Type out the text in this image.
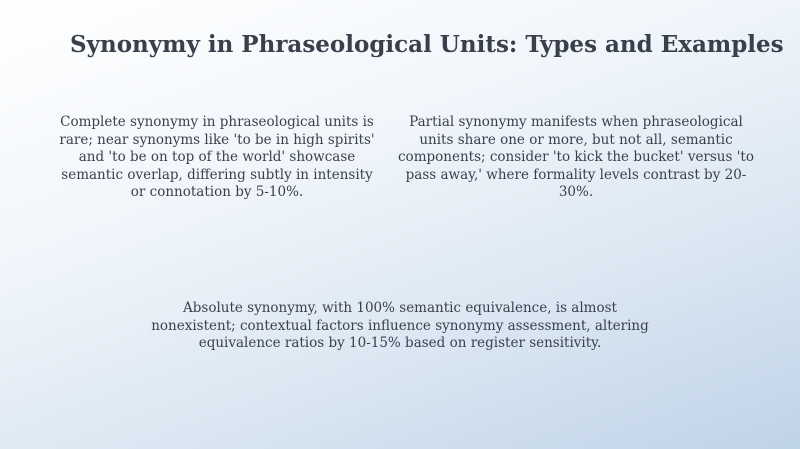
Synonymy in Phraseological Units: Types and Examples

Complete synonymy in phraseological units is rare; near synonyms like 'to be in high spirits' and 'to be on top of the world' showcase semantic overlap, differing subtly in intensity or connotation by 5-10%.

Partial synonymy manifests when phraseological units share one or more, but not all, semantic components; consider 'to kick the bucket' versus 'to pass away,' where formality levels contrast by 20-30%.

Absolute synonymy, with 100% semantic equivalence, is almost nonexistent; contextual factors influence synonymy assessment, altering equivalence ratios by 10-15% based on register sensitivity.
